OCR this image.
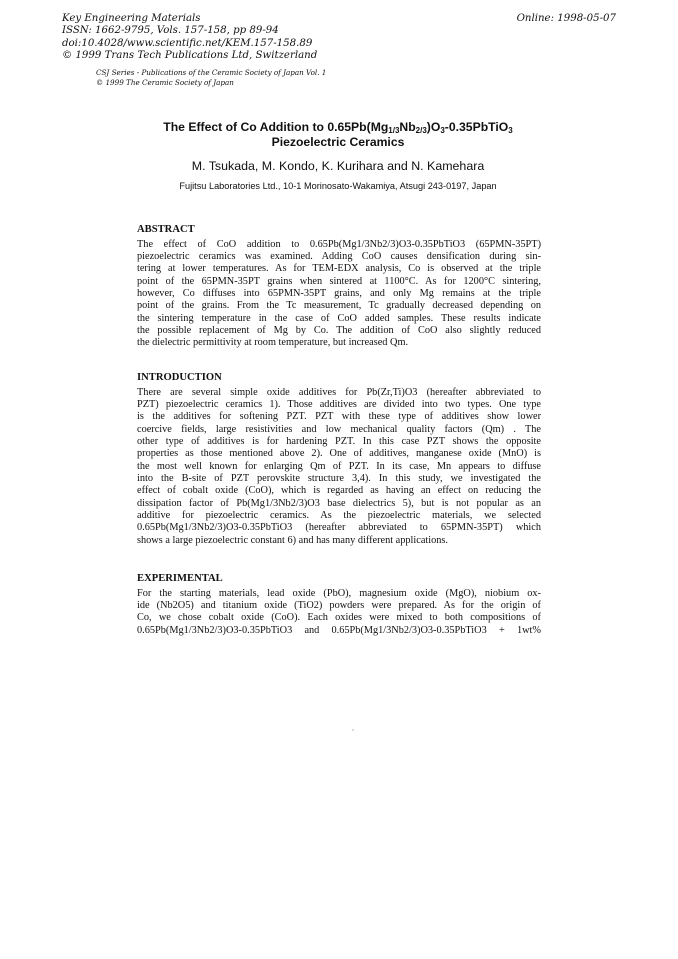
Key Engineering Materials
ISSN: 1662-9795, Vols. 157-158, pp 89-94
doi:10.4028/www.scientific.net/KEM.157-158.89
© 1999 Trans Tech Publications Ltd, Switzerland
Online: 1998-05-07
CSJ Series - Publications of the Ceramic Society of Japan Vol. 1
© 1999 The Ceramic Society of Japan
The Effect of Co Addition to $0.65Pb(Mg_{1/3}Nb_{2/3})O_3-0.35PbTiO_3$
Piezoelectric Ceramics
M. Tsukada, M. Kondo, K. Kurihara and N. Kamehara
Fujitsu Laboratories Ltd., 10-1 Morinosato-Wakamiya, Atsugi 243-0197, Japan
ABSTRACT

The effect of CoO addition to 0.65Pb(Mg1/3Nb2/3)O3-0.35PbTiO3 (65PMN-35PT)
piezoelectric ceramics was examined. Adding CoO causes densification during sin-
tering at lower temperatures. As for TEM-EDX analysis, Co is observed at the triple
point of the 65PMN-35PT grains when sintered at 1100°C. As for 1200°C sintering,
however, Co diffuses into 65PMN-35PT grains, and only Mg remains at the triple
point of the grains. From the Tc measurement, Tc gradually decreased depending on
the sintering temperature in the case of CoO added samples. These results indicate
the possible replacement of Mg by Co. The addition of CoO also slightly reduced
the dielectric permittivity at room temperature, but increased Qm.

INTRODUCTION

There are several simple oxide additives for Pb(Zr,Ti)O3 (hereafter abbreviated to
PZT) piezoelectric ceramics 1). Those additives are divided into two types. One type
is the additives for softening PZT. PZT with these type of additives show lower
coercive fields, large resistivities and low mechanical quality factors (Qm) . The
other type of additives is for hardening PZT. In this case PZT shows the opposite
properties as those mentioned above 2). One of additives, manganese oxide (MnO) is
the most well known for enlarging Qm of PZT. In its case, Mn appears to diffuse
into the B-site of PZT perovskite structure 3,4). In this study, we investigated the
effect of cobalt oxide (CoO), which is regarded as having an effect on reducing the
dissipation factor of Pb(Mg1/3Nb2/3)O3 base dielectrics 5), but is not popular as an
additive for piezoelectric ceramics. As the piezoelectric materials, we selected
0.65Pb(Mg1/3Nb2/3)O3-0.35PbTiO3 (hereafter abbreviated to 65PMN-35PT) which
shows a large piezoelectric constant 6) and has many different applications.

EXPERIMENTAL

For the starting materials, lead oxide (PbO), magnesium oxide (MgO), niobium ox-
ide (Nb2O5) and titanium oxide (TiO2) powders were prepared. As for the origin of
Co, we chose cobalt oxide (CoO). Each oxides were mixed to both compositions of
0.65Pb(Mg1/3Nb2/3)O3-0.35PbTiO3 and 0.65Pb(Mg1/3Nb2/3)O3-0.35PbTiO3 + 1wt%
